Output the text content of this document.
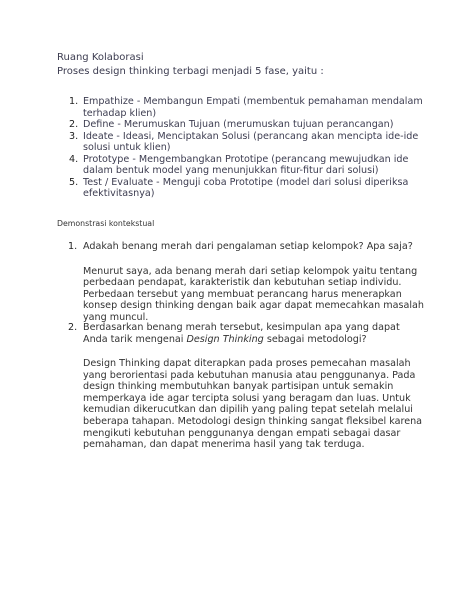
Ruang Kolaborasi
Proses design thinking terbagi menjadi 5 fase, yaitu :
1. Empathize - Membangun Empati (membentuk pemahaman mendalam terhadap klien)
2. Define - Merumuskan Tujuan (merumuskan tujuan perancangan)
3. Ideate - Ideasi, Menciptakan Solusi (perancang akan mencipta ide-ide solusi untuk klien)
4. Prototype - Mengembangkan Prototipe (perancang mewujudkan ide dalam bentuk model yang menunjukkan fitur-fitur dari solusi)
5. Test / Evaluate - Menguji coba Prototipe (model dari solusi diperiksa efektivitasnya)
Demonstrasi kontekstual
1. Adakah benang merah dari pengalaman setiap kelompok? Apa saja?
Menurut saya, ada benang merah dari setiap kelompok yaitu tentang perbedaan pendapat, karakteristik dan kebutuhan setiap individu. Perbedaan tersebut yang membuat perancang harus menerapkan konsep design thinking dengan baik agar dapat memecahkan masalah yang muncul.
2. Berdasarkan benang merah tersebut, kesimpulan apa yang dapat Anda tarik mengenai Design Thinking sebagai metodologi?
Design Thinking dapat diterapkan pada proses pemecahan masalah yang berorientasi pada kebutuhan manusia atau penggunanya. Pada design thinking membutuhkan banyak partisipan untuk semakin memperkaya ide agar tercipta solusi yang beragam dan luas. Untuk kemudian dikerucutkan dan dipilih yang paling tepat setelah melalui beberapa tahapan. Metodologi design thinking sangat fleksibel karena mengikuti kebutuhan penggunanya dengan empati sebagai dasar pemahaman, dan dapat menerima hasil yang tak terduga.
